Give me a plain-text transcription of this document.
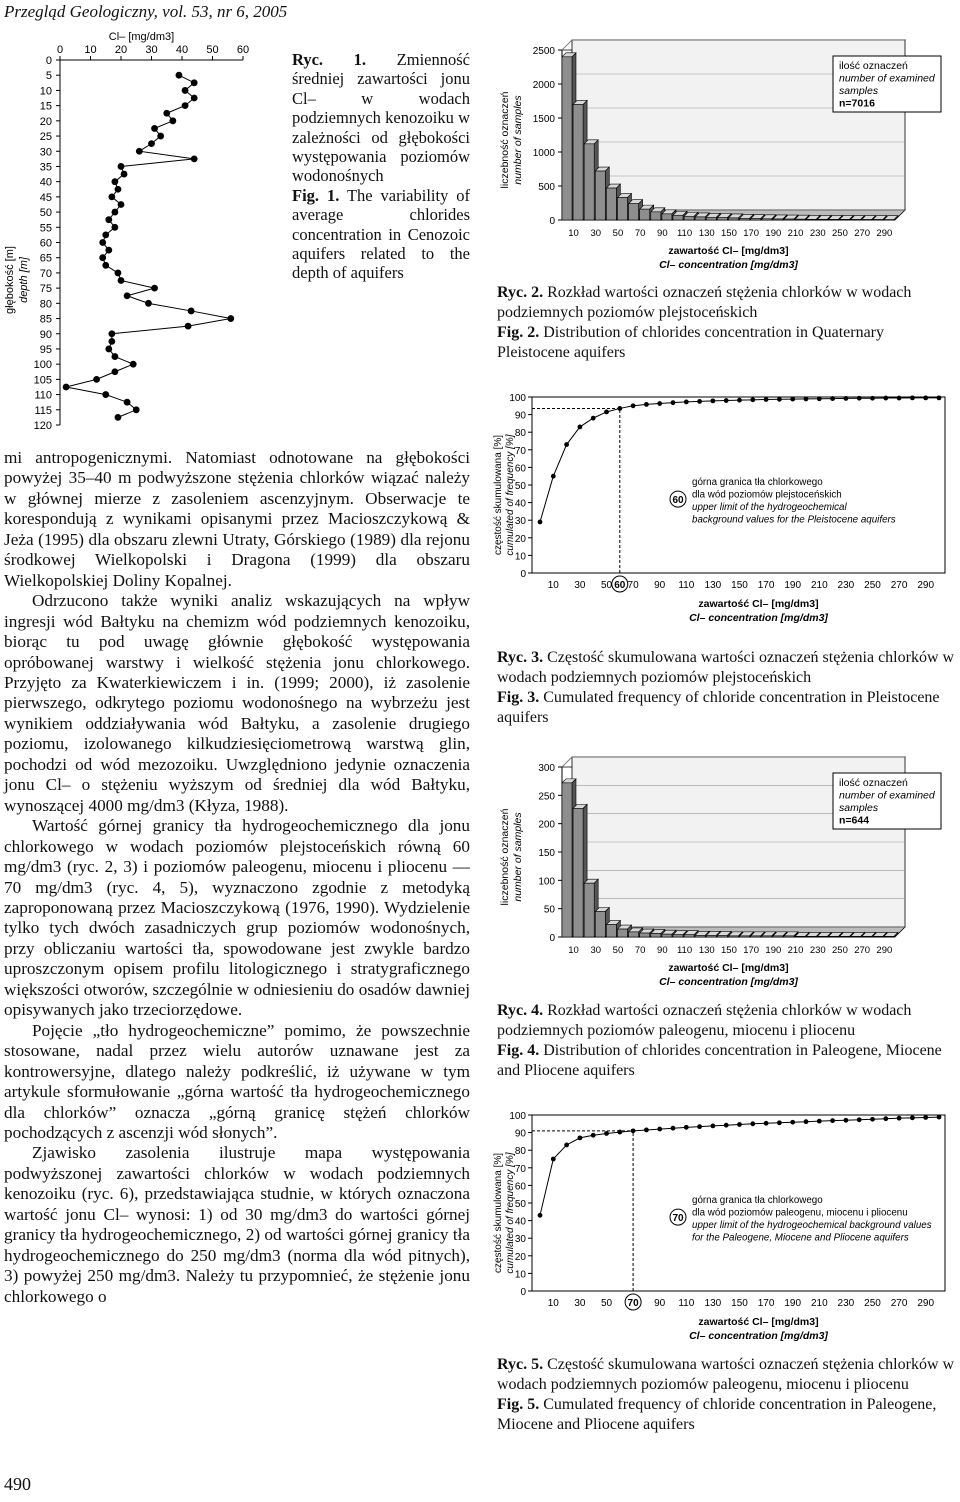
Przegląd Geologiczny, vol. 53, nr 6, 2005
0 10 20 30 40 50 60
0
5
10
15
20
25
30
35
40
45
50
55
60
65
70
75
80
85
90
95
100
105
110
115
120
Cl– [mg/dm3]
głębokość [m] depth [m]
Ryc. 1. Zmienność średniej zawartości jonu Cl– w wodach podziemnych kenozoiku w zależności od głębokości występowania poziomów wodonośnych
Fig. 1. The variability of average chlorides concentration in Cenozoic aquifers related to the depth of aquifers
0
500
1000
1500
2000
2500
10 30 50 70 90 110 130 150 170 190 210 230 250 270 290
zawartość Cl– [mg/dm3]
Cl– concentration [mg/dm3]
liczebność oznaczeń number of samples
ilość oznaczeń
number of examined
samples
n=7016
Ryc. 2. Rozkład wartości oznaczeń stężenia chlorków w wodach podziemnych poziomów plejstoceńskich
Fig. 2. Distribution of chlorides concentration in Quaternary Pleistocene aquifers
0
10
20
30
40
50
60
70
80
90
100
10 30 50 60 70 90 110 130 150 170 190 210 230 250 270 290
zawartość Cl– [mg/dm3]
Cl– concentration [mg/dm3]
częstość skumulowana [%] cumulated of frequency [%]	60
górna granica tła chlorkowego
dla wód poziomów plejstoceńskich
upper limit of the hydrogeochemical
background values for the Pleistocene aquifers
Ryc. 3. Częstość skumulowana wartości oznaczeń stężenia chlorków w wodach podziemnych poziomów plejstoceńskich
Fig. 3. Cumulated frequency of chloride concentration in Pleistocene aquifers
0
50
100
150
200
250
300
10 30 50 70 90 110 130 150 170 190 210 230 250 270 290
zawartość Cl– [mg/dm3]
Cl– concentration [mg/dm3]
liczebność oznaczeń number of samples
ilość oznaczeń
number of examined
samples
n=644
Ryc. 4. Rozkład wartości oznaczeń stężenia chlorków w wodach podziemnych poziomów paleogenu, miocenu i pliocenu
Fig. 4. Distribution of chlorides concentration in Paleogene, Miocene and Pliocene aquifers
0
10
20
30
40
50
60
70
80
90
100
10 30 50 70 90 110 130 150 170 190 210 230 250 270 290
zawartość Cl– [mg/dm3]
Cl– concentration [mg/dm3]
częstość skumulowana [%] cumulated of frequency [%]	70
górna granica tła chlorkowego
dla wód poziomów paleogenu, miocenu i pliocenu
upper limit of the hydrogeochemical background values
for the Paleogene, Miocene and Pliocene aquifers
Ryc. 5. Częstość skumulowana wartości oznaczeń stężenia chlorków w wodach podziemnych poziomów paleogenu, miocenu i pliocenu
Fig. 5. Cumulated frequency of chloride concentration in Paleogene, Miocene and Pliocene aquifers

mi antropogenicznymi. Natomiast odnotowane na głębokości powyżej 35–40 m podwyższone stężenia chlorków wiązać należy w głównej mierze z zasoleniem ascenzyjnym. Obserwacje te korespondują z wynikami opisanymi przez Macioszczykową & Jeża (1995) dla obszaru zlewni Utraty, Górskiego (1989) dla rejonu środkowej Wielkopolski i Dragona (1999) dla obszaru Wielkopolskiej Doliny Kopalnej.

Odrzucono także wyniki analiz wskazujących na wpływ ingresji wód Bałtyku na chemizm wód podziemnych kenozoiku, biorąc tu pod uwagę głównie głębokość występowania opróbowanej warstwy i wielkość stężenia jonu chlorkowego. Przyjęto za Kwaterkiewiczem i in. (1999; 2000), iż zasolenie pierwszego, odkrytego poziomu wodonośnego na wybrzeżu jest wynikiem oddziaływania wód Bałtyku, a zasolenie drugiego poziomu, izolowanego kilkudziesięciometrową warstwą glin, pochodzi od wód mezozoiku. Uwzględniono jedynie oznaczenia jonu Cl– o stężeniu wyższym od średniej dla wód Bałtyku, wynoszącej 4000 mg/dm3 (Kłyza, 1988).

Wartość górnej granicy tła hydrogeochemicznego dla jonu chlorkowego w wodach poziomów plejstoceńskich równą 60 mg/dm3 (ryc. 2, 3) i poziomów paleogenu, miocenu i pliocenu — 70 mg/dm3 (ryc. 4, 5), wyznaczono zgodnie z metodyką zaproponowaną przez Macioszczykową (1976, 1990). Wydzielenie tylko tych dwóch zasadniczych grup poziomów wodonośnych, przy obliczaniu wartości tła, spowodowane jest zwykle bardzo uproszczonym opisem profilu litologicznego i stratygraficznego większości otworów, szczególnie w odniesieniu do osadów dawniej opisywanych jako trzeciorzędowe.

Pojęcie „tło hydrogeochemiczne” pomimo, że powszechnie stosowane, nadal przez wielu autorów uznawane jest za kontrowersyjne, dlatego należy podkreślić, iż używane w tym artykule sformułowanie „górna wartość tła hydrogeochemicznego dla chlorków” oznacza „górną granicę stężeń chlorków pochodzących z ascenzji wód słonych”.

Zjawisko zasolenia ilustruje mapa występowania podwyższonej zawartości chlorków w wodach podziemnych kenozoiku (ryc. 6), przedstawiająca studnie, w których oznaczona wartość jonu Cl– wynosi: 1) od 30 mg/dm3 do wartości górnej granicy tła hydrogeochemicznego, 2) od wartości górnej granicy tła hydrogeochemicznego do 250 mg/dm3 (norma dla wód pitnych), 3) powyżej 250 mg/dm3. Należy tu przypomnieć, że stężenie jonu chlorkowego o

490
